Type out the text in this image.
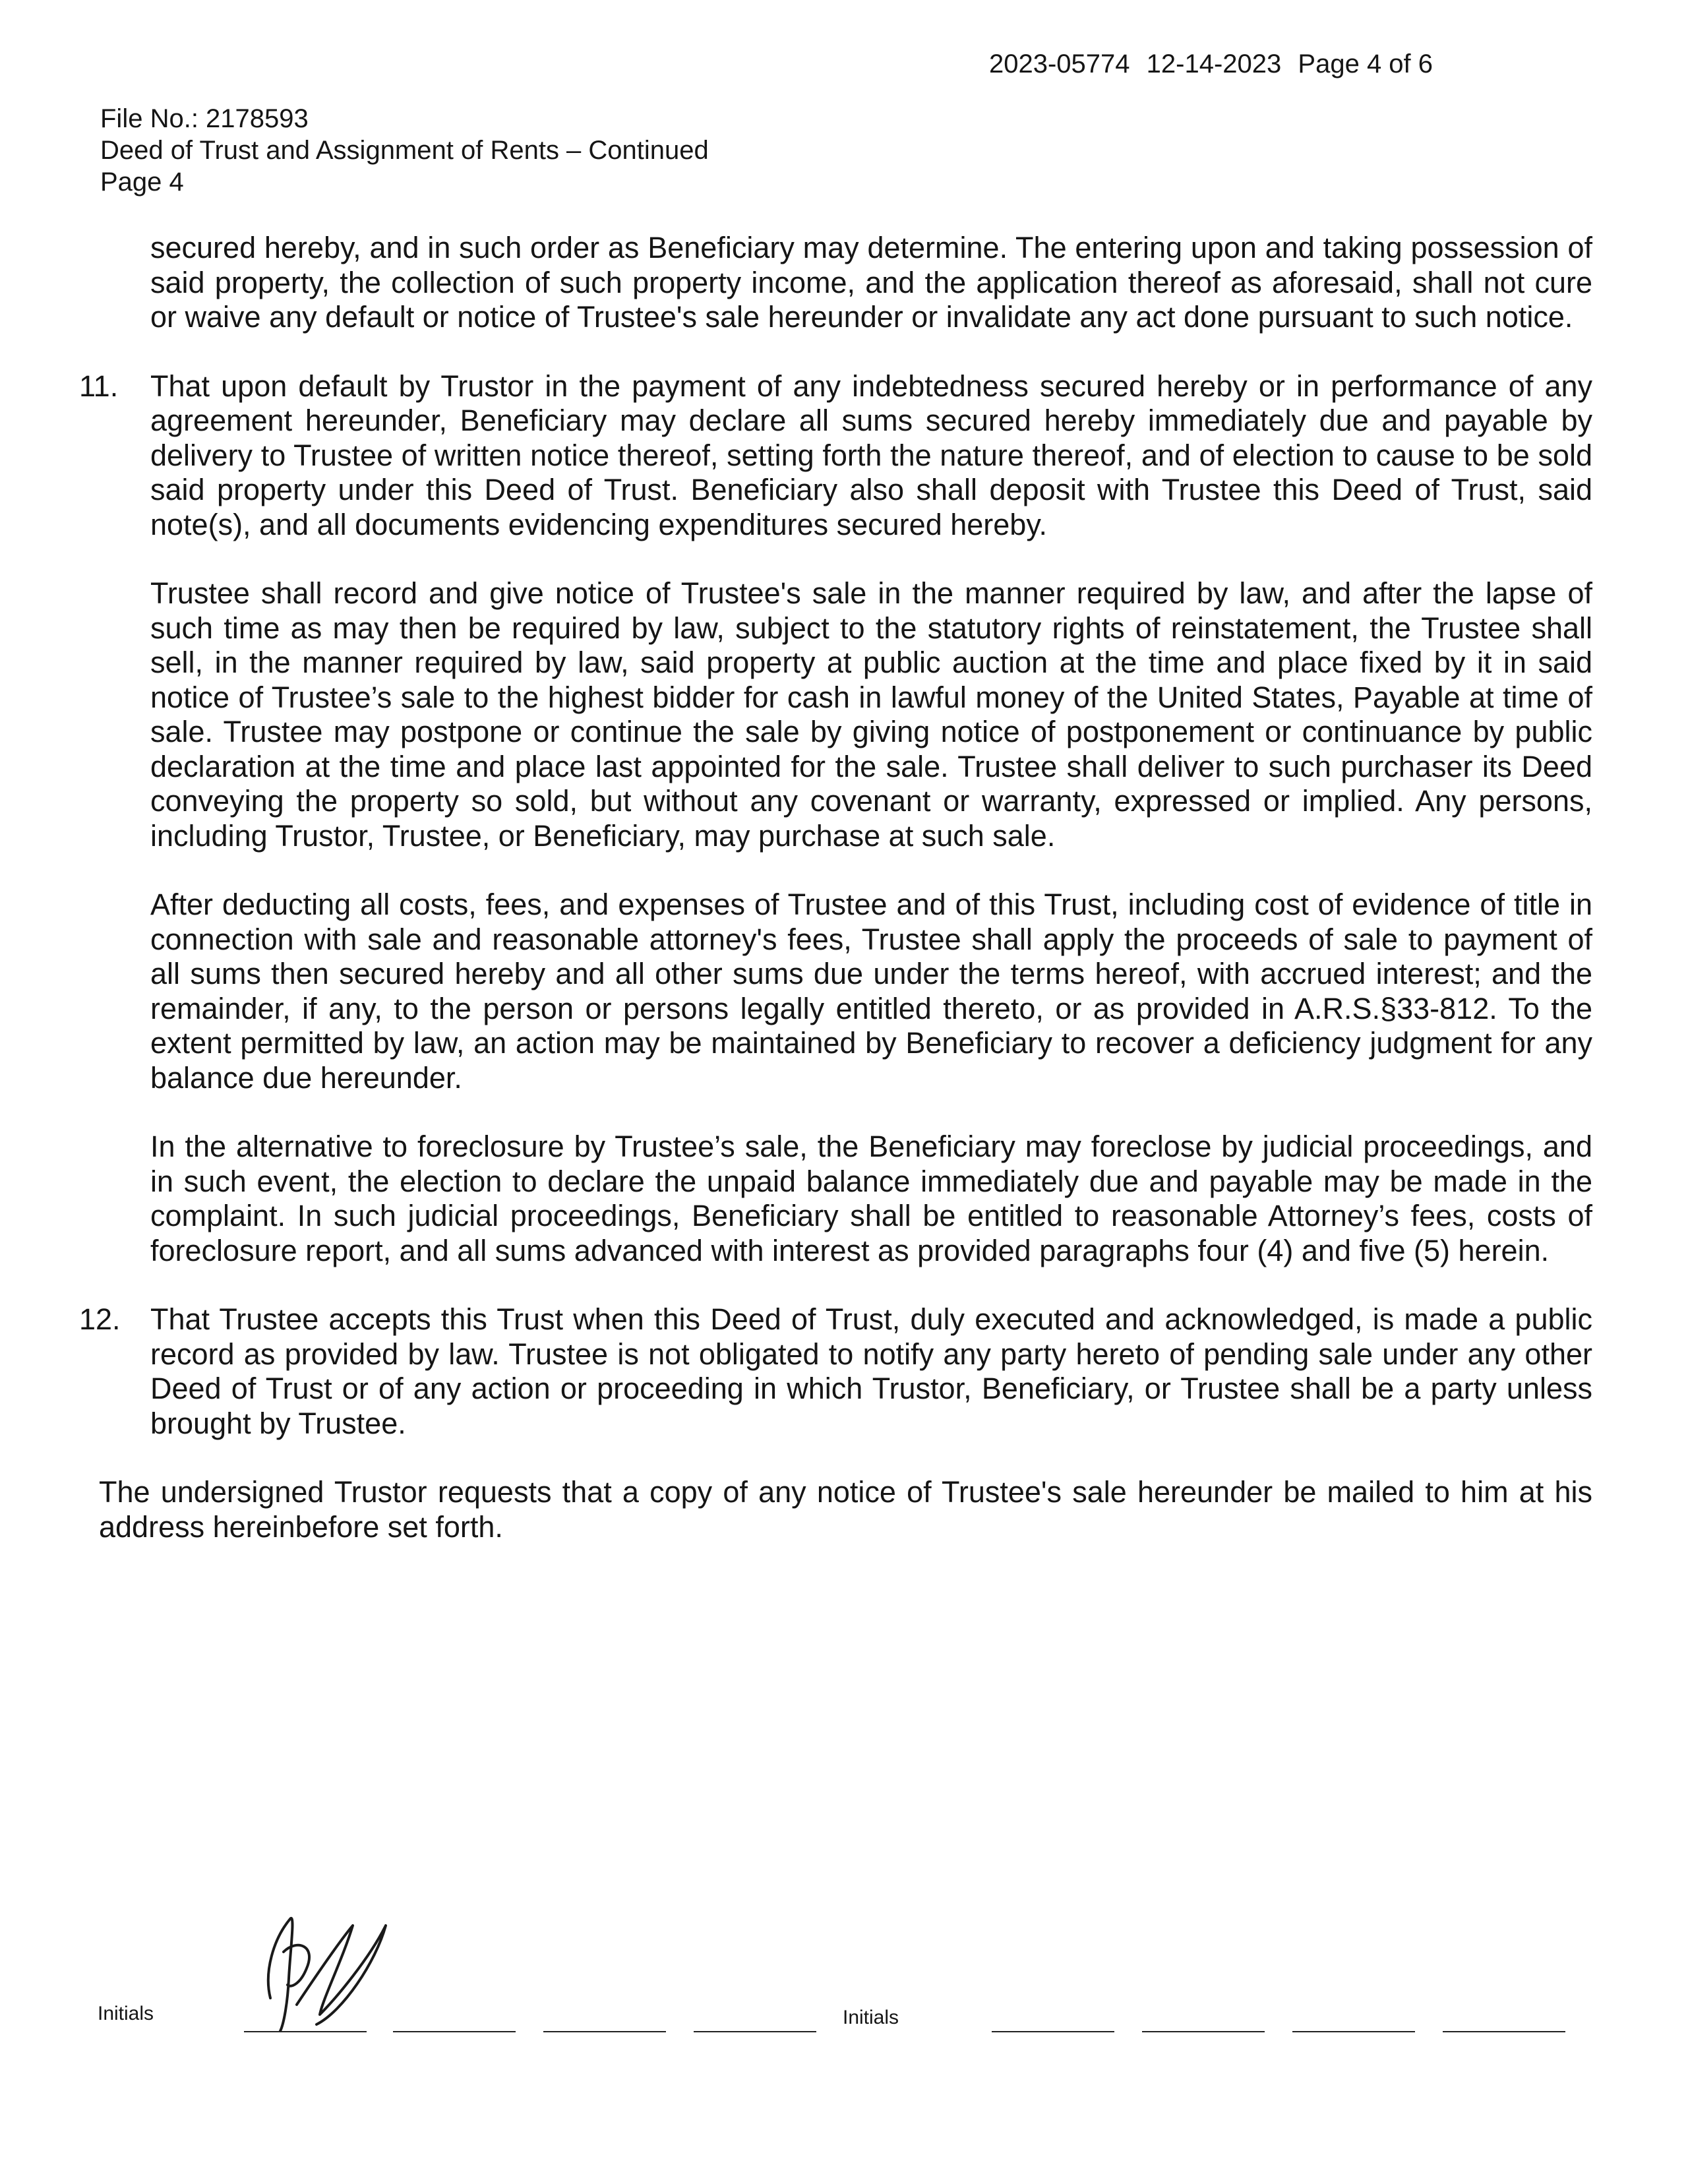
2023-05774 12-14-2023 Page 4 of 6
File No.: 2178593
Deed of Trust and Assignment of Rents – Continued
Page 4

secured hereby, and in such order as Beneficiary may determine. The entering upon and taking possession of said property, the collection of such property income, and the application thereof as aforesaid, shall not cure or waive any default or notice of Trustee's sale hereunder or invalidate any act done pursuant to such notice.

11.	That upon default by Trustor in the payment of any indebtedness secured hereby or in performance of any agreement hereunder, Beneficiary may declare all sums secured hereby immediately due and payable by delivery to Trustee of written notice thereof, setting forth the nature thereof, and of election to cause to be sold said property under this Deed of Trust. Beneficiary also shall deposit with Trustee this Deed of Trust, said note(s), and all documents evidencing expenditures secured hereby.

Trustee shall record and give notice of Trustee's sale in the manner required by law, and after the lapse of such time as may then be required by law, subject to the statutory rights of reinstatement, the Trustee shall sell, in the manner required by law, said property at public auction at the time and place fixed by it in said notice of Trustee’s sale to the highest bidder for cash in lawful money of the United States, Payable at time of sale. Trustee may postpone or continue the sale by giving notice of postponement or continuance by public declaration at the time and place last appointed for the sale. Trustee shall deliver to such purchaser its Deed conveying the property so sold, but without any covenant or warranty, expressed or implied. Any persons, including Trustor, Trustee, or Beneficiary, may purchase at such sale.

After deducting all costs, fees, and expenses of Trustee and of this Trust, including cost of evidence of title in connection with sale and reasonable attorney's fees, Trustee shall apply the proceeds of sale to payment of all sums then secured hereby and all other sums due under the terms hereof, with accrued interest; and the remainder, if any, to the person or persons legally entitled thereto, or as provided in A.R.S.§33-812. To the extent permitted by law, an action may be maintained by Beneficiary to recover a deficiency judgment for any balance due hereunder.

In the alternative to foreclosure by Trustee’s sale, the Beneficiary may foreclose by judicial proceedings, and in such event, the election to declare the unpaid balance immediately due and payable may be made in the complaint. In such judicial proceedings, Beneficiary shall be entitled to reasonable Attorney’s fees, costs of foreclosure report, and all sums advanced with interest as provided paragraphs four (4) and five (5) herein.

12.	That Trustee accepts this Trust when this Deed of Trust, duly executed and acknowledged, is made a public record as provided by law. Trustee is not obligated to notify any party hereto of pending sale under any other Deed of Trust or of any action or proceeding in which Trustor, Beneficiary, or Trustee shall be a party unless brought by Trustee.

The undersigned Trustor requests that a copy of any notice of Trustee's sale hereunder be mailed to him at his address hereinbefore set forth.

Initials	Initials
